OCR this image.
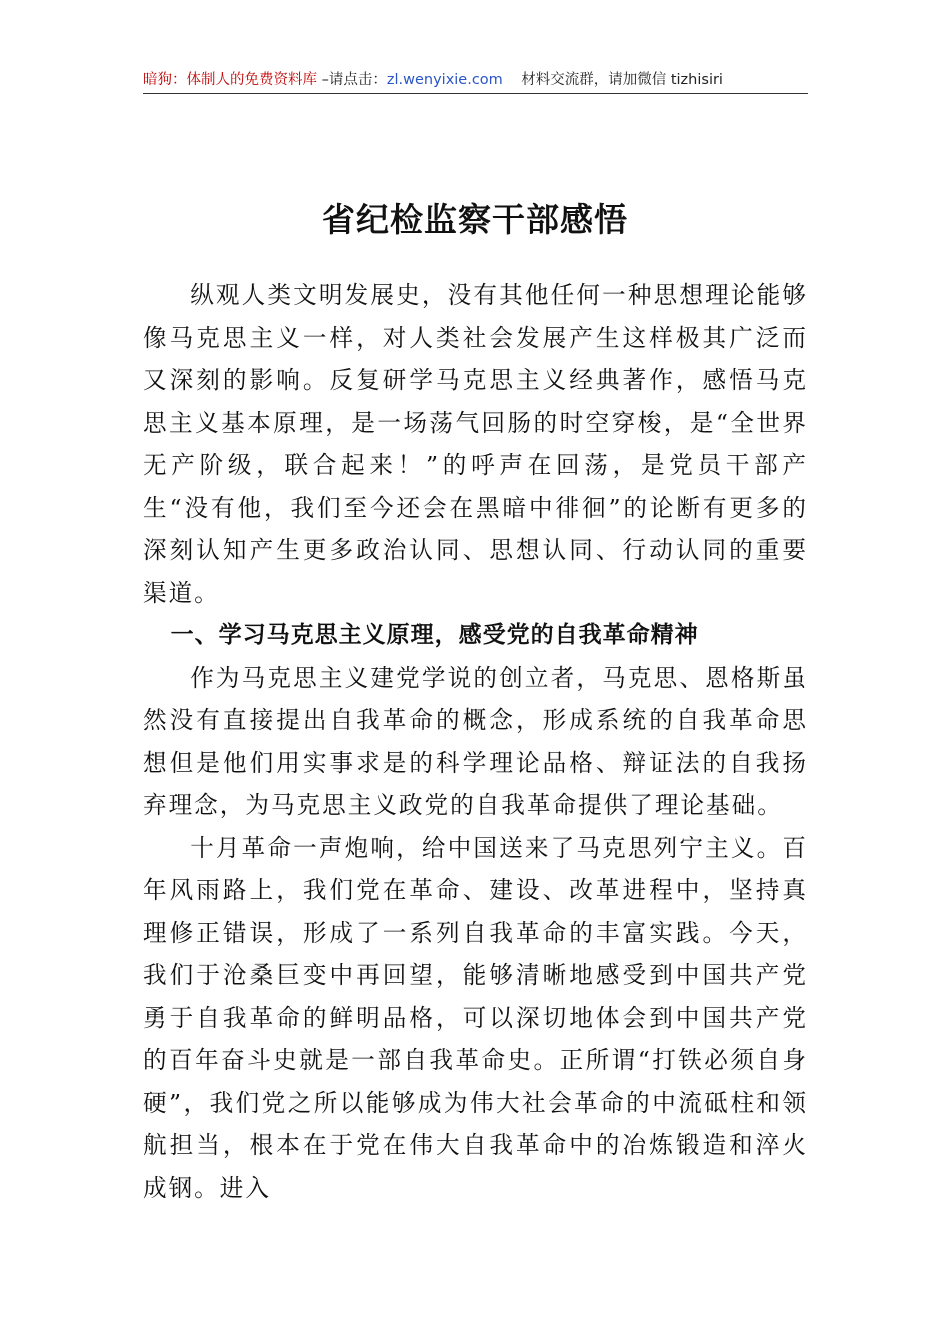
暗狗：体制人的免费资料库 –请点击：zl.wenyixie.com    材料交流群，请加微信 tizhisiri
省纪检监察干部感悟

纵观人类文明发展史，没有其他任何一种思想理论能够像马克思主义一样，对人类社会发展产生这样极其广泛而又深刻的影响。反复研学马克思主义经典著作，感悟马克思主义基本原理，是一场荡气回肠的时空穿梭，是“全世界无产阶级，联合起来！”的呼声在回荡，是党员干部产生“没有他，我们至今还会在黑暗中徘徊”的论断有更多的深刻认知产生更多政治认同、思想认同、行动认同的重要渠道。

一、学习马克思主义原理，感受党的自我革命精神

作为马克思主义建党学说的创立者，马克思、恩格斯虽然没有直接提出自我革命的概念，形成系统的自我革命思想但是他们用实事求是的科学理论品格、辩证法的自我扬弃理念，为马克思主义政党的自我革命提供了理论基础。

十月革命一声炮响，给中国送来了马克思列宁主义。百年风雨路上，我们党在革命、建设、改革进程中，坚持真理修正错误，形成了一系列自我革命的丰富实践。今天，我们于沧桑巨变中再回望，能够清晰地感受到中国共产党勇于自我革命的鲜明品格，可以深切地体会到中国共产党的百年奋斗史就是一部自我革命史。正所谓“打铁必须自身硬”，我们党之所以能够成为伟大社会革命的中流砥柱和领航担当，根本在于党在伟大自我革命中的冶炼锻造和淬火成钢。进入
